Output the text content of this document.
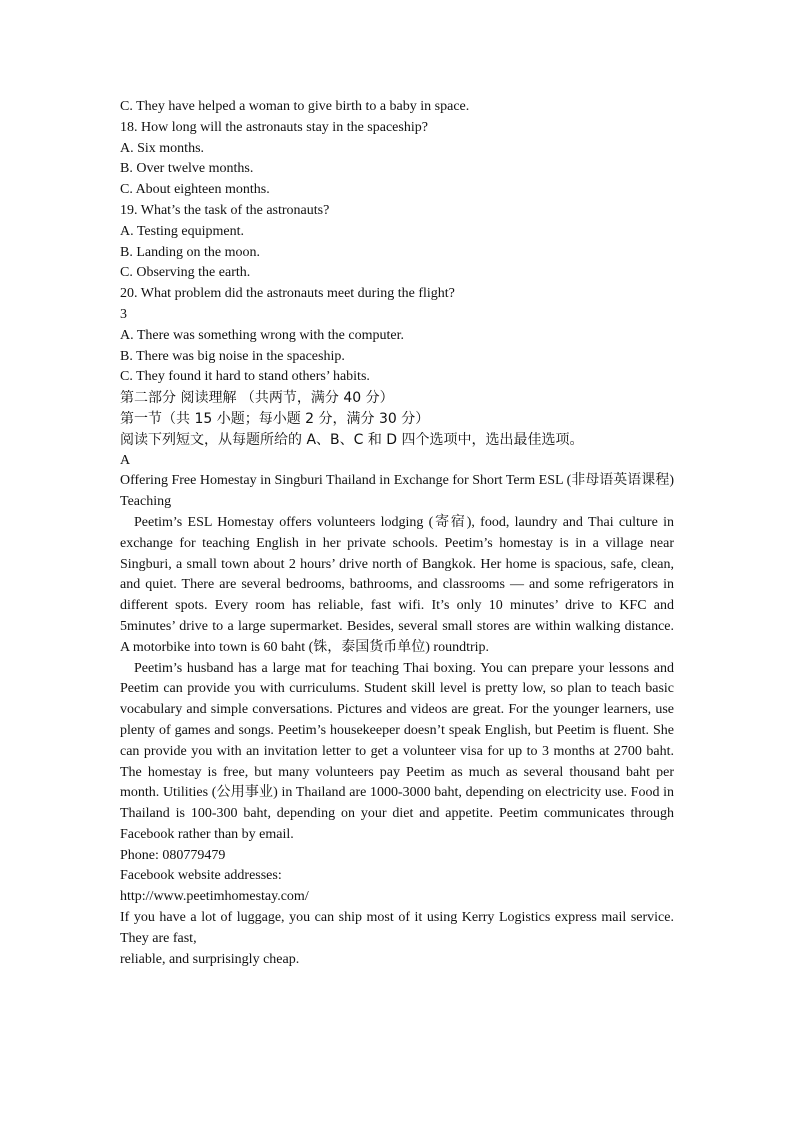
C. They have helped a woman to give birth to a baby in space.
18. How long will the astronauts stay in the spaceship?
A. Six months.
B. Over twelve months.
C. About eighteen months.
19. What’s the task of the astronauts?
A. Testing equipment.
B. Landing on the moon.
C. Observing the earth.
20. What problem did the astronauts meet during the flight?
3
A. There was something wrong with the computer.
B. There was big noise in the spaceship.
C. They found it hard to stand others’ habits.
第二部分 阅读理解 （共两节，满分 40 分）
第一节（共 15 小题；每小题 2 分，满分 30 分）
阅读下列短文，从每题所给的 A、B、C 和 D 四个选项中，选出最佳选项。
A

Offering Free Homestay in Singburi Thailand in Exchange for Short Term ESL (非母语英语课程) Teaching

Peetim’s ESL Homestay offers volunteers lodging (寄宿), food, laundry and Thai culture in exchange for teaching English in her private schools. Peetim’s homestay is in a village near Singburi, a small town about 2 hours’ drive north of Bangkok. Her home is spacious, safe, clean, and quiet. There are several bedrooms, bathrooms, and classrooms — and some refrigerators in different spots. Every room has reliable, fast wifi. It’s only 10 minutes’ drive to KFC and 5minutes’ drive to a large supermarket. Besides, several small stores are within walking distance. A motorbike into town is 60 baht (铢，泰国货币单位) roundtrip.

Peetim’s husband has a large mat for teaching Thai boxing. You can prepare your lessons and Peetim can provide you with curriculums. Student skill level is pretty low, so plan to teach basic vocabulary and simple conversations. Pictures and videos are great. For the younger learners, use plenty of games and songs. Peetim’s housekeeper doesn’t speak English, but Peetim is fluent. She can provide you with an invitation letter to get a volunteer visa for up to 3 months at 2700 baht. The homestay is free, but many volunteers pay Peetim as much as several thousand baht per month. Utilities (公用事业) in Thailand are 1000-3000 baht, depending on electricity use. Food in Thailand is 100-300 baht, depending on your diet and appetite. Peetim communicates through Facebook rather than by email.

Phone: 080779479
Facebook website addresses:
http://www.peetimhomestay.com/

If you have a lot of luggage, you can ship most of it using Kerry Logistics express mail service. They are fast,

reliable, and surprisingly cheap.
